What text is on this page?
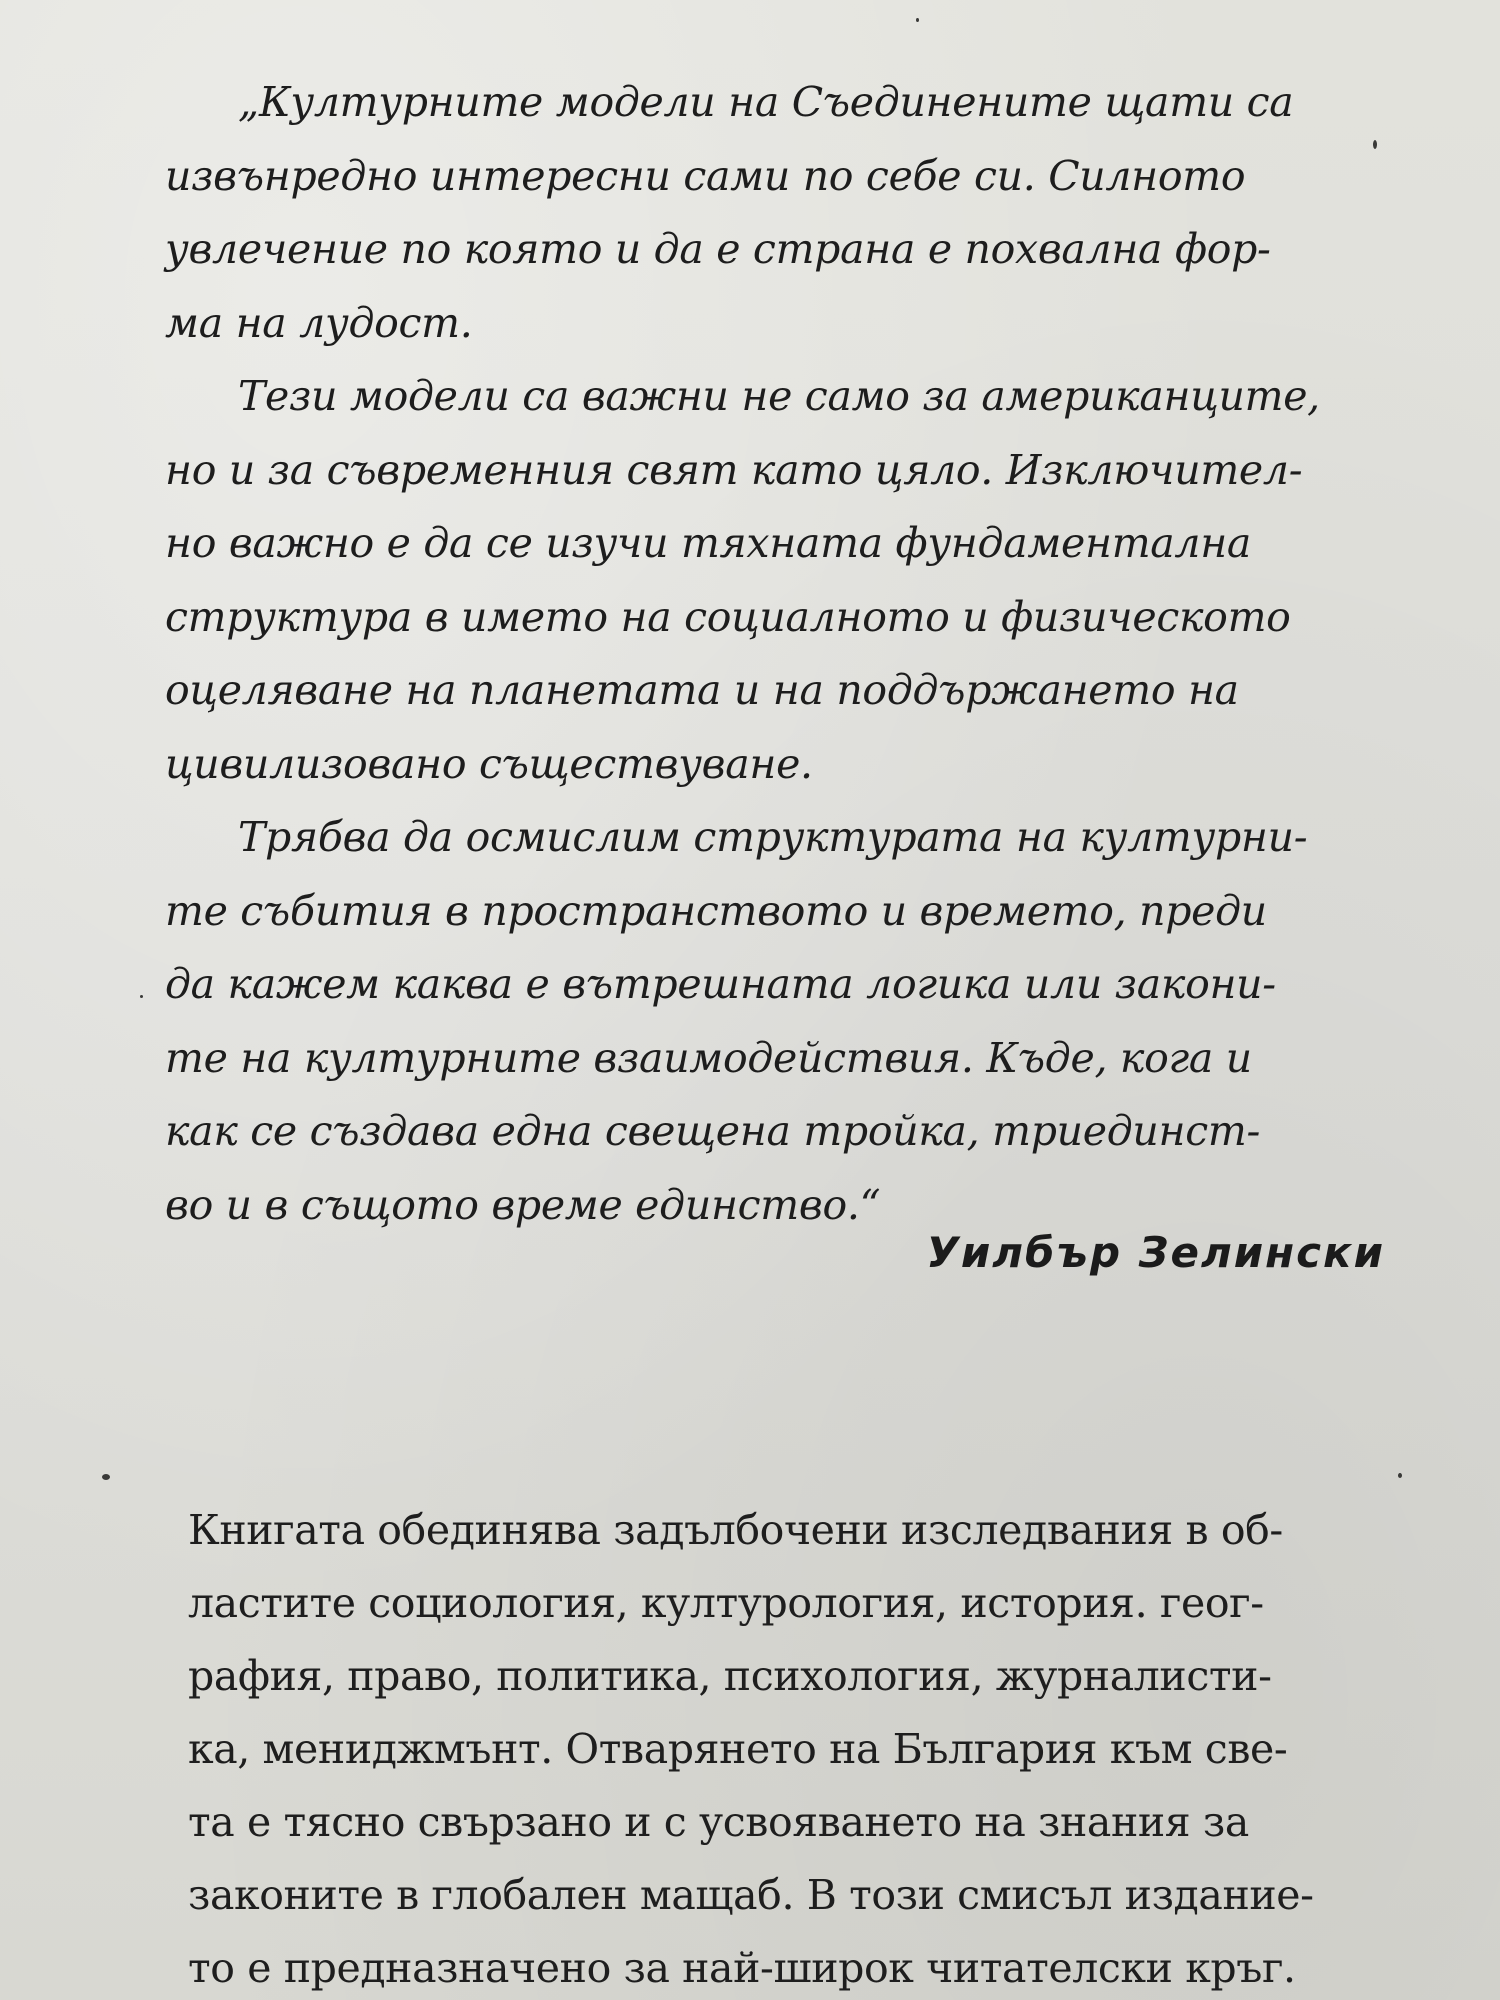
„Културните модели на Съединените щати са
извънредно интересни сами по себе си. Силното
увлечение по която и да е страна е похвална фор-
ма на лудост.
Тези модели са важни не само за американците,
но и за съвременния свят като цяло. Изключител-
но важно е да се изучи тяхната фундаментална
структура в името на социалното и физическото
оцеляване на планетата и на поддържането на
цивилизовано съществуване.
Трябва да осмислим структурата на културни-
те събития в пространството и времето, преди
да кажем каква е вътрешната логика или закони-
те на културните взаимодействия. Къде, кога и
как се създава една свещена тройка, триединст-
во и в същото време единство.“
Уилбър Зелински
Книгата обединява задълбочени изследвания в об-
ластите социология, културология, история. геог-
рафия, право, политика, психология, журналисти-
ка, мениджмънт. Отварянето на България към све-
та е тясно свързано и с усвояването на знания за
законите в глобален мащаб. В този смисъл издание-
то е предназначено за най-широк читателски кръг.
